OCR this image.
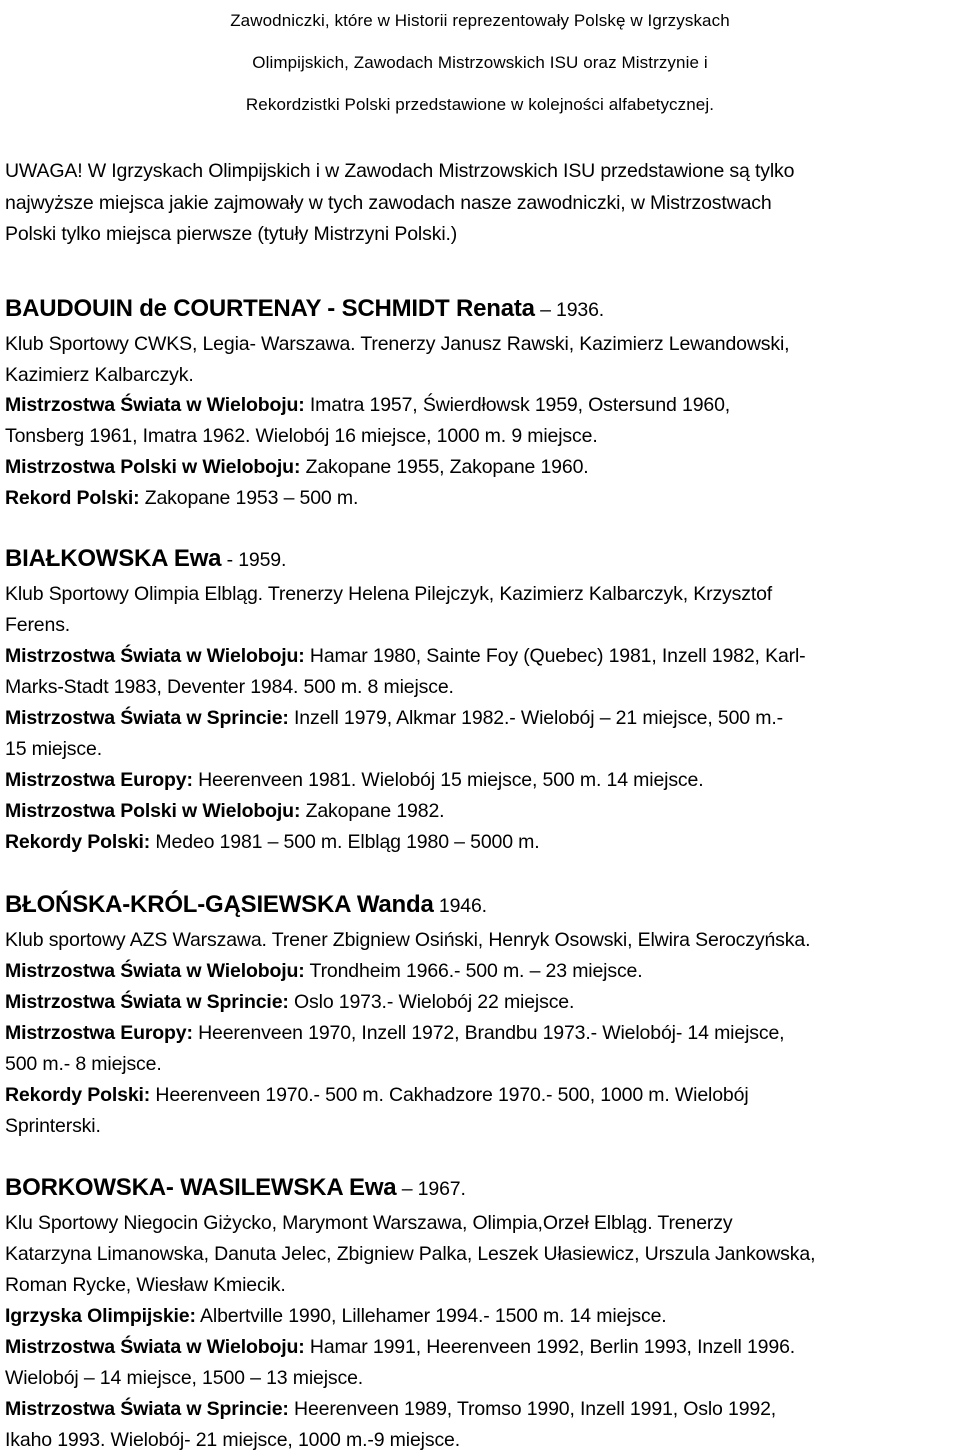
Zawodniczki, które w Historii reprezentowały Polskę w Igrzyskach
Olimpijskich, Zawodach Mistrzowskich ISU oraz Mistrzynie i
Rekordzistki Polski przedstawione w kolejności alfabetycznej.
UWAGA! W Igrzyskach Olimpijskich i w Zawodach Mistrzowskich ISU przedstawione są tylko
najwyższe miejsca jakie zajmowały w tych zawodach nasze zawodniczki, w Mistrzostwach
Polski tylko miejsca pierwsze (tytuły Mistrzyni Polski.)
BAUDOUIN de COURTENAY - SCHMIDT Renata – 1936.
Klub Sportowy CWKS, Legia- Warszawa. Trenerzy Janusz Rawski, Kazimierz Lewandowski,
Kazimierz Kalbarczyk.
Mistrzostwa Świata w Wieloboju: Imatra 1957, Świerdłowsk 1959, Ostersund 1960,
Tonsberg 1961, Imatra 1962. Wielobój 16 miejsce, 1000 m. 9 miejsce.
Mistrzostwa Polski w Wieloboju: Zakopane 1955, Zakopane 1960.
Rekord Polski: Zakopane 1953 – 500 m.
BIAŁKOWSKA Ewa - 1959.
Klub Sportowy Olimpia Elbląg. Trenerzy Helena Pilejczyk, Kazimierz Kalbarczyk, Krzysztof
Ferens.
Mistrzostwa Świata w Wieloboju: Hamar 1980, Sainte Foy (Quebec) 1981, Inzell 1982, Karl-
Marks-Stadt 1983, Deventer 1984. 500 m. 8 miejsce.
Mistrzostwa Świata w Sprincie: Inzell 1979, Alkmar 1982.- Wielobój – 21 miejsce, 500 m.-
15 miejsce.
Mistrzostwa Europy: Heerenveen 1981. Wielobój 15 miejsce, 500 m. 14 miejsce.
Mistrzostwa Polski w Wieloboju: Zakopane 1982.
Rekordy Polski: Medeo 1981 – 500 m. Elbląg 1980 – 5000 m.
BŁOŃSKA-KRÓL-GĄSIEWSKA Wanda 1946.
Klub sportowy AZS Warszawa. Trener Zbigniew Osiński, Henryk Osowski, Elwira Seroczyńska.
Mistrzostwa Świata w Wieloboju: Trondheim 1966.- 500 m. – 23 miejsce.
Mistrzostwa Świata w Sprincie: Oslo 1973.- Wielobój 22 miejsce.
Mistrzostwa Europy: Heerenveen 1970, Inzell 1972, Brandbu 1973.- Wielobój- 14 miejsce,
500 m.- 8 miejsce.
Rekordy Polski: Heerenveen 1970.- 500 m. Cakhadzore 1970.- 500, 1000 m. Wielobój
Sprinterski.
BORKOWSKA- WASILEWSKA Ewa – 1967.
Klu Sportowy Niegocin Giżycko, Marymont Warszawa, Olimpia,Orzeł Elbląg. Trenerzy
Katarzyna Limanowska, Danuta Jelec, Zbigniew Palka, Leszek Ułasiewicz, Urszula Jankowska,
Roman Rycke, Wiesław Kmiecik.
Igrzyska Olimpijskie: Albertville 1990, Lillehamer 1994.- 1500 m. 14 miejsce.
Mistrzostwa Świata w Wieloboju: Hamar 1991, Heerenveen 1992, Berlin 1993, Inzell 1996.
Wielobój – 14 miejsce, 1500 – 13 miejsce.
Mistrzostwa Świata w Sprincie: Heerenveen 1989, Tromso 1990, Inzell 1991, Oslo 1992,
Ikaho 1993. Wielobój- 21 miejsce, 1000 m.-9 miejsce.
